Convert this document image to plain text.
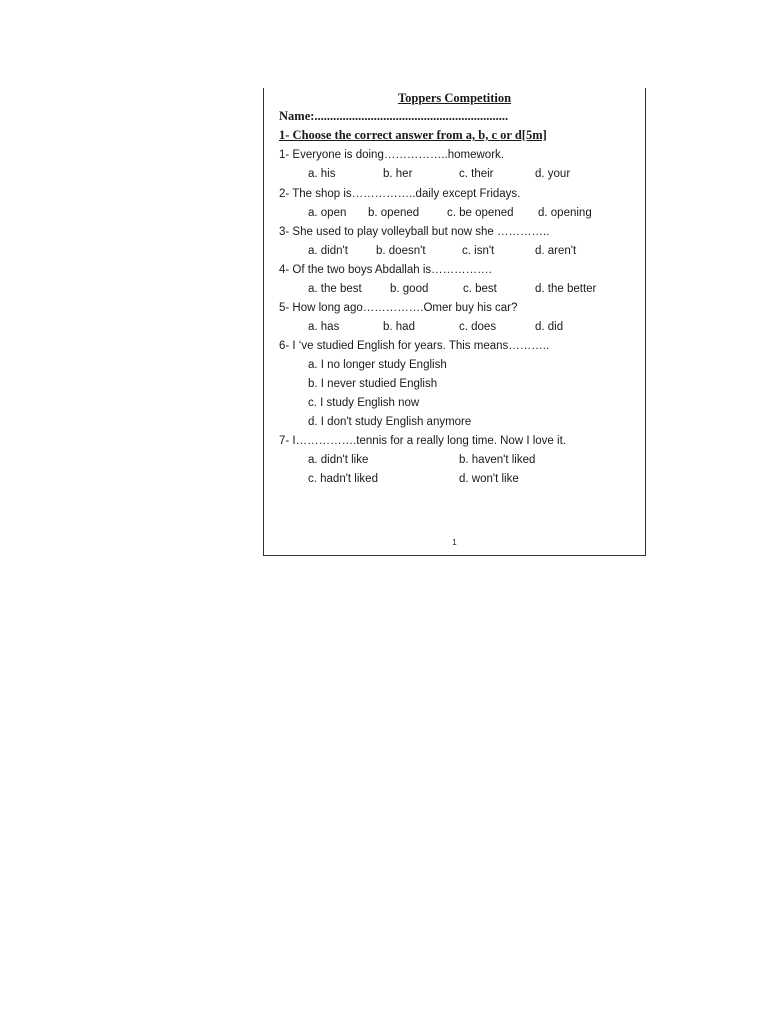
Toppers Competition
Name:..............................................................
1- Choose the correct answer from a, b, c or d[5m]
1- Everyone is doing……………..homework.
a. his	b. her	c. their	d. your
2- The shop is……………..daily except Fridays.
a. open b. opened c. be opened d. opening
3- She used to play volleyball but now she …………..
a. didn't b. doesn't	c. isn't	d. aren't
4- Of the two boys Abdallah is…………….
a. the best b. good	c. best	d. the better
5- How long ago…………….Omer buy his car?
a. has	b. had	c. does	d. did
6- I ‘ve studied English for years. This means………..
a. I no longer study English
b. I never studied English
c. I study English now
d. I don't study English anymore
7- I…………….tennis for a really long time. Now I love it.
a. didn't like	b. haven't liked
c. hadn't liked	d. won't like
1
